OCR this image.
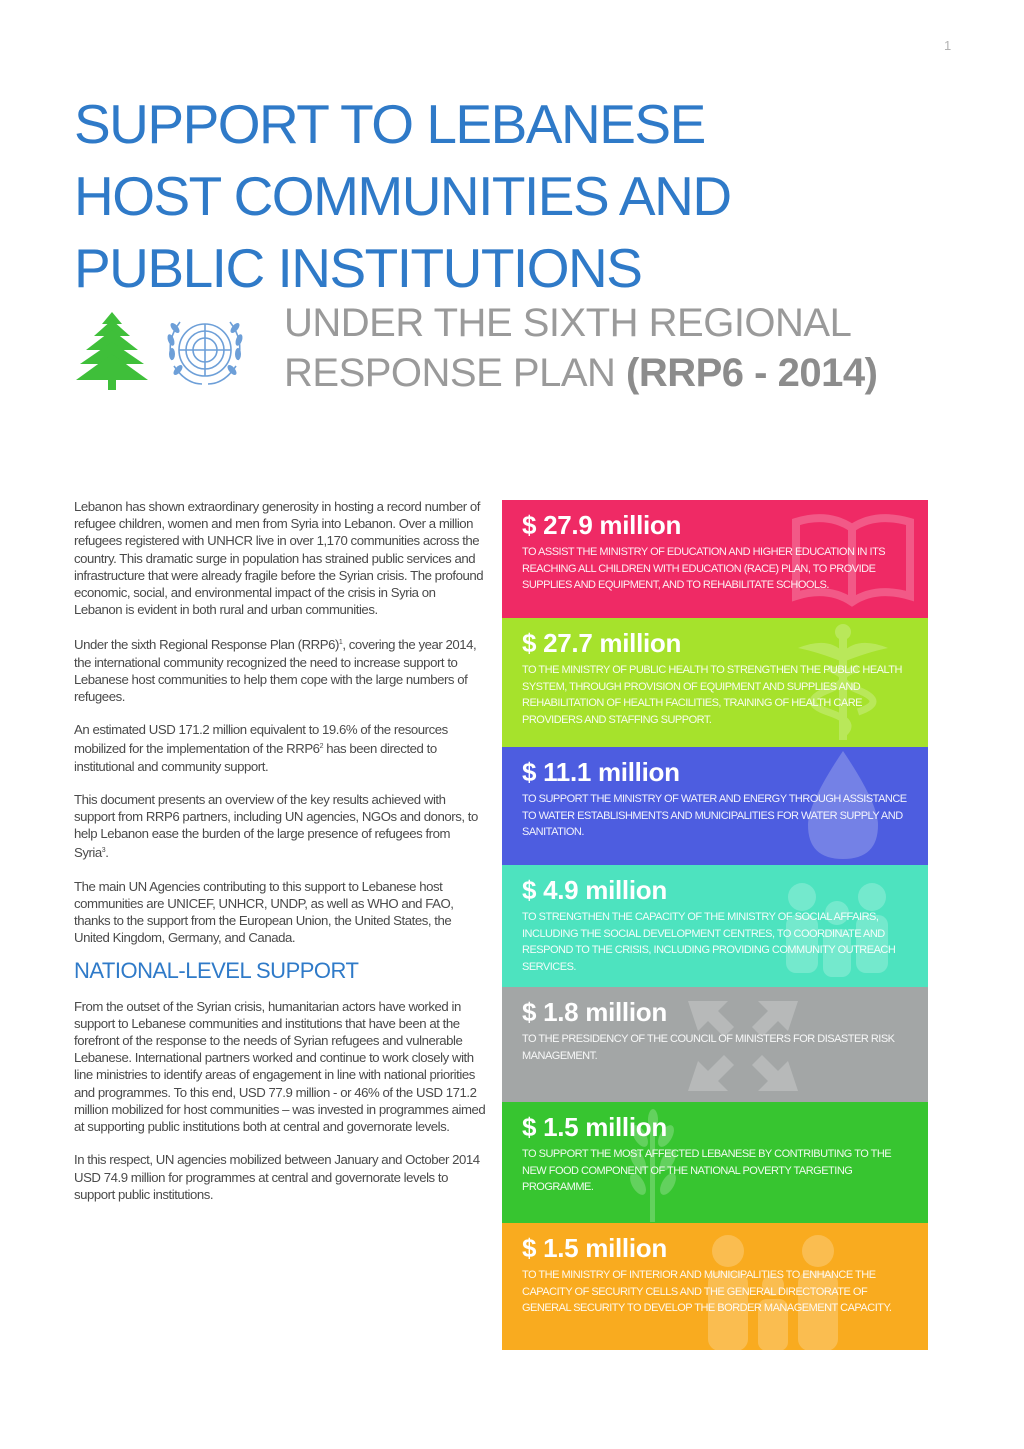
1
SUPPORT TO LEBANESE
HOST COMMUNITIES AND
PUBLIC INSTITUTIONS
UNDER THE SIXTH REGIONAL
RESPONSE PLAN (RRP6 - 2014)

Lebanon has shown extraordinary generosity in hosting a record number of refugee children, women and men from Syria into Lebanon. Over a million refugees registered with UNHCR live in over 1,170 communities across the country. This dramatic surge in population has strained public services and infrastructure that were already fragile before the Syrian crisis. The profound economic, social, and environmental impact of the crisis in Syria on Lebanon is evident in both rural and urban communities.

Under the sixth Regional Response Plan $(RRP6)^1$, covering the year 2014, the international community recognized the need to increase support to Lebanese host communities to help them cope with the large numbers of refugees.

An estimated USD 171.2 million equivalent to 19.6% of the resources mobilized for the implementation of the $RRP6^2$ has been directed to institutional and community support.

This document presents an overview of the key results achieved with support from RRP6 partners, including UN agencies, NGOs and donors, to help Lebanon ease the burden of the large presence of refugees from Syria$^3$.

The main UN Agencies contributing to this support to Lebanese host communities are UNICEF, UNHCR, UNDP, as well as WHO and FAO, thanks to the support from the European Union, the United States, the United Kingdom, Germany, and Canada.

NATIONAL-LEVEL SUPPORT

From the outset of the Syrian crisis, humanitarian actors have worked in support to Lebanese communities and institutions that have been at the forefront of the response to the needs of Syrian refugees and vulnerable Lebanese. International partners worked and continue to work closely with line ministries to identify areas of engagement in line with national priorities and programmes. To this end, USD 77.9 million - or 46% of the USD 171.2 million mobilized for host communities – was invested in programmes aimed at supporting public institutions both at central and governorate levels.

In this respect, UN agencies mobilized between January and October 2014 USD 74.9 million for programmes at central and governorate levels to support public institutions.

$ 27.9 million
TO ASSIST THE MINISTRY OF EDUCATION AND HIGHER EDUCATION IN ITS REACHING ALL CHILDREN WITH EDUCATION (RACE) PLAN, TO PROVIDE SUPPLIES AND EQUIPMENT, AND TO REHABILITATE SCHOOLS.
$ 27.7 million
TO THE MINISTRY OF PUBLIC HEALTH TO STRENGTHEN THE PUBLIC HEALTH SYSTEM, THROUGH PROVISION OF EQUIPMENT AND SUPPLIES AND REHABILITATION OF HEALTH FACILITIES, TRAINING OF HEALTH CARE PROVIDERS AND STAFFING SUPPORT.
$ 11.1 million
TO SUPPORT THE MINISTRY OF WATER AND ENERGY THROUGH ASSISTANCE TO WATER ESTABLISHMENTS AND MUNICIPALITIES FOR WATER SUPPLY AND SANITATION.
$ 4.9 million
TO STRENGTHEN THE CAPACITY OF THE MINISTRY OF SOCIAL AFFAIRS, INCLUDING THE SOCIAL DEVELOPMENT CENTRES, TO COORDINATE AND RESPOND TO THE CRISIS, INCLUDING PROVIDING COMMUNITY OUTREACH SERVICES.
$ 1.8 million
TO THE PRESIDENCY OF THE COUNCIL OF MINISTERS FOR DISASTER RISK MANAGEMENT.
$ 1.5 million
TO SUPPORT THE MOST AFFECTED LEBANESE BY CONTRIBUTING TO THE NEW FOOD COMPONENT OF THE NATIONAL POVERTY TARGETING PROGRAMME.
$ 1.5 million
TO THE MINISTRY OF INTERIOR AND MUNICIPALITIES TO ENHANCE THE CAPACITY OF SECURITY CELLS AND THE GENERAL DIRECTORATE OF GENERAL SECURITY TO DEVELOP THE BORDER MANAGEMENT CAPACITY.
